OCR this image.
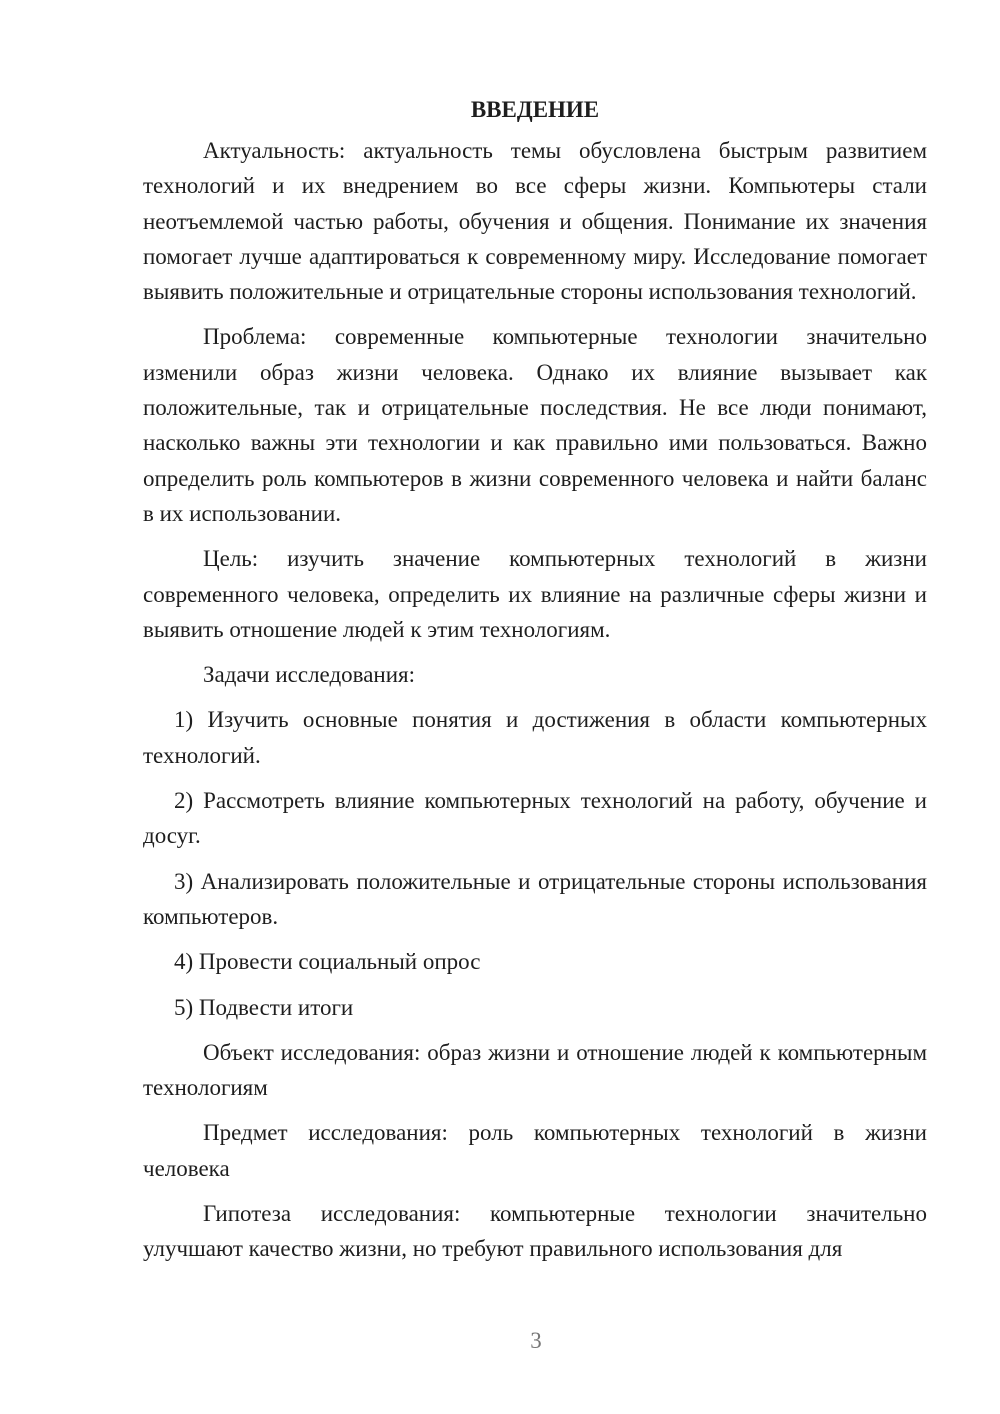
ВВЕДЕНИЕ

Актуальность: актуальность темы обусловлена быстрым развитием технологий и их внедрением во все сферы жизни. Компьютеры стали неотъемлемой частью работы, обучения и общения. Понимание их значения помогает лучше адаптироваться к современному миру. Исследование помогает выявить положительные и отрицательные стороны использования технологий.

Проблема: современные компьютерные технологии значительно изменили образ жизни человека. Однако их влияние вызывает как положительные, так и отрицательные последствия. Не все люди понимают, насколько важны эти технологии и как правильно ими пользоваться. Важно определить роль компьютеров в жизни современного человека и найти баланс в их использовании.

Цель: изучить значение компьютерных технологий в жизни современного человека, определить их влияние на различные сферы жизни и выявить отношение людей к этим технологиям.

Задачи исследования:

1) Изучить основные понятия и достижения в области компьютерных технологий.

2) Рассмотреть влияние компьютерных технологий на работу, обучение и досуг.

3) Анализировать положительные и отрицательные стороны использования компьютеров.

4) Провести социальный опрос

5) Подвести итоги

Объект исследования: образ жизни и отношение людей к компьютерным технологиям

Предмет исследования: роль компьютерных технологий в жизни человека

Гипотеза исследования: компьютерные технологии значительно улучшают качество жизни, но требуют правильного использования для

3
